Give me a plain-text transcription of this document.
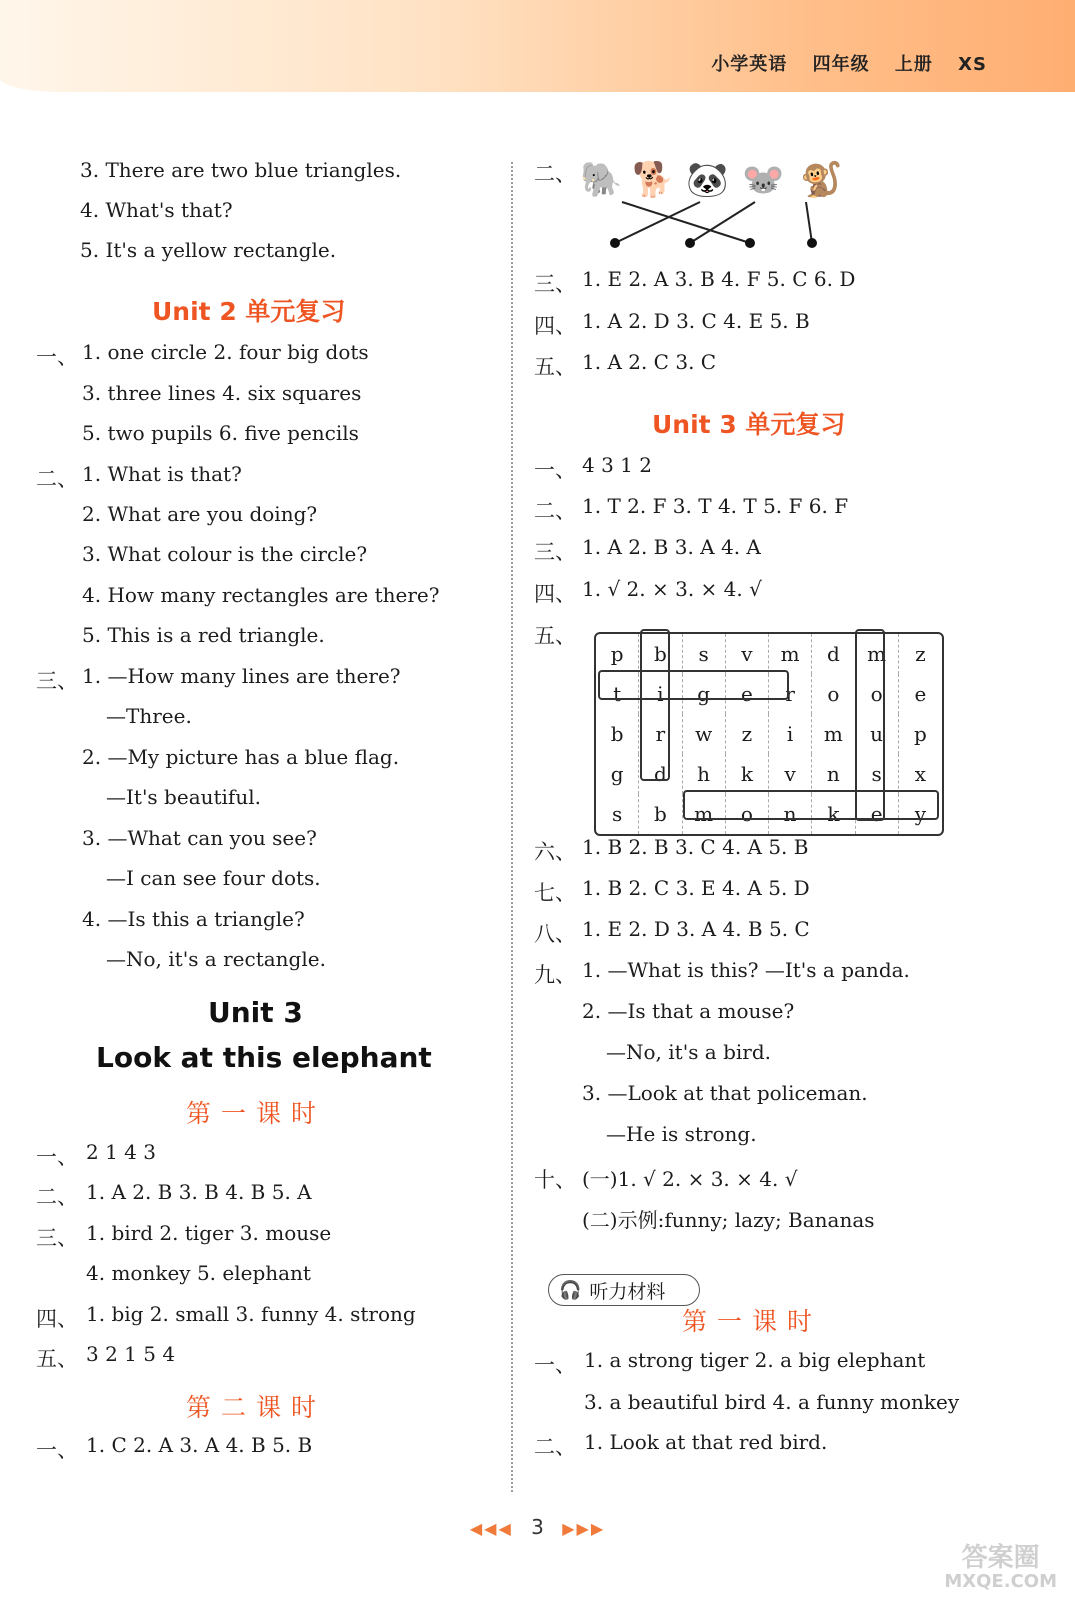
小学英语 四年级 上册 XS
3. There are two blue triangles.
4. What's that?
5. It's a yellow rectangle.
Unit 2 单元复习
一、 1. one circle 2. four big dots
3. three lines 4. six squares
5. two pupils 6. five pencils
二、 1. What is that?
2. What are you doing?
3. What colour is the circle?
4. How many rectangles are there?
5. This is a red triangle.
三、 1. —How many lines are there?
—Three.
2. —My picture has a blue flag.
—It's beautiful.
3. —What can you see?
—I can see four dots.
4. —Is this a triangle?
—No, it's a rectangle.
Unit 3
Look at this elephant
第一课时
一、 2 1 4 3
二、 1. A 2. B 3. B 4. B 5. A
三、 1. bird 2. tiger 3. mouse
4. monkey 5. elephant
四、 1. big 2. small 3. funny 4. strong
五、 3 2 1 5 4
第二课时
一、 1. C 2. A 3. A 4. B 5. B
二、 🐘 🐕 🐼 🐭 🐒
三、 1. E 2. A 3. B 4. F 5. C 6. D
四、 1. A 2. D 3. C 4. E 5. B
五、 1. A 2. C 3. C
Unit 3 单元复习
一、 4 3 1 2
二、 1. T 2. F 3. T 4. T 5. F 6. F
三、 1. A 2. B 3. A 4. A
四、 1. √ 2. × 3. × 4. √
五、
p	b	s	v	m	d	m	z
t	i	g	e	r	o	o	e
b	r	w	z	i	m	u	p
g	d	h	k	v	n	s	x
s	b	m	o	n	k	e	y
六、 1. B 2. B 3. C 4. A 5. B
七、 1. B 2. C 3. E 4. A 5. D
八、 1. E 2. D 3. A 4. B 5. C
九、 1. —What is this? —It's a panda.
2. —Is that a mouse?
—No, it's a bird.
3. —Look at that policeman.
—He is strong.
十、 (一)1. √ 2. × 3. × 4. √
(二)示例:funny; lazy; Bananas
🎧 听力材料
第一课时
一、 1. a strong tiger 2. a big elephant
3. a beautiful bird 4. a funny monkey
二、 1. Look at that red bird.
◀◀◀ 3 ▶▶▶
答案圈
MXQE.COM
